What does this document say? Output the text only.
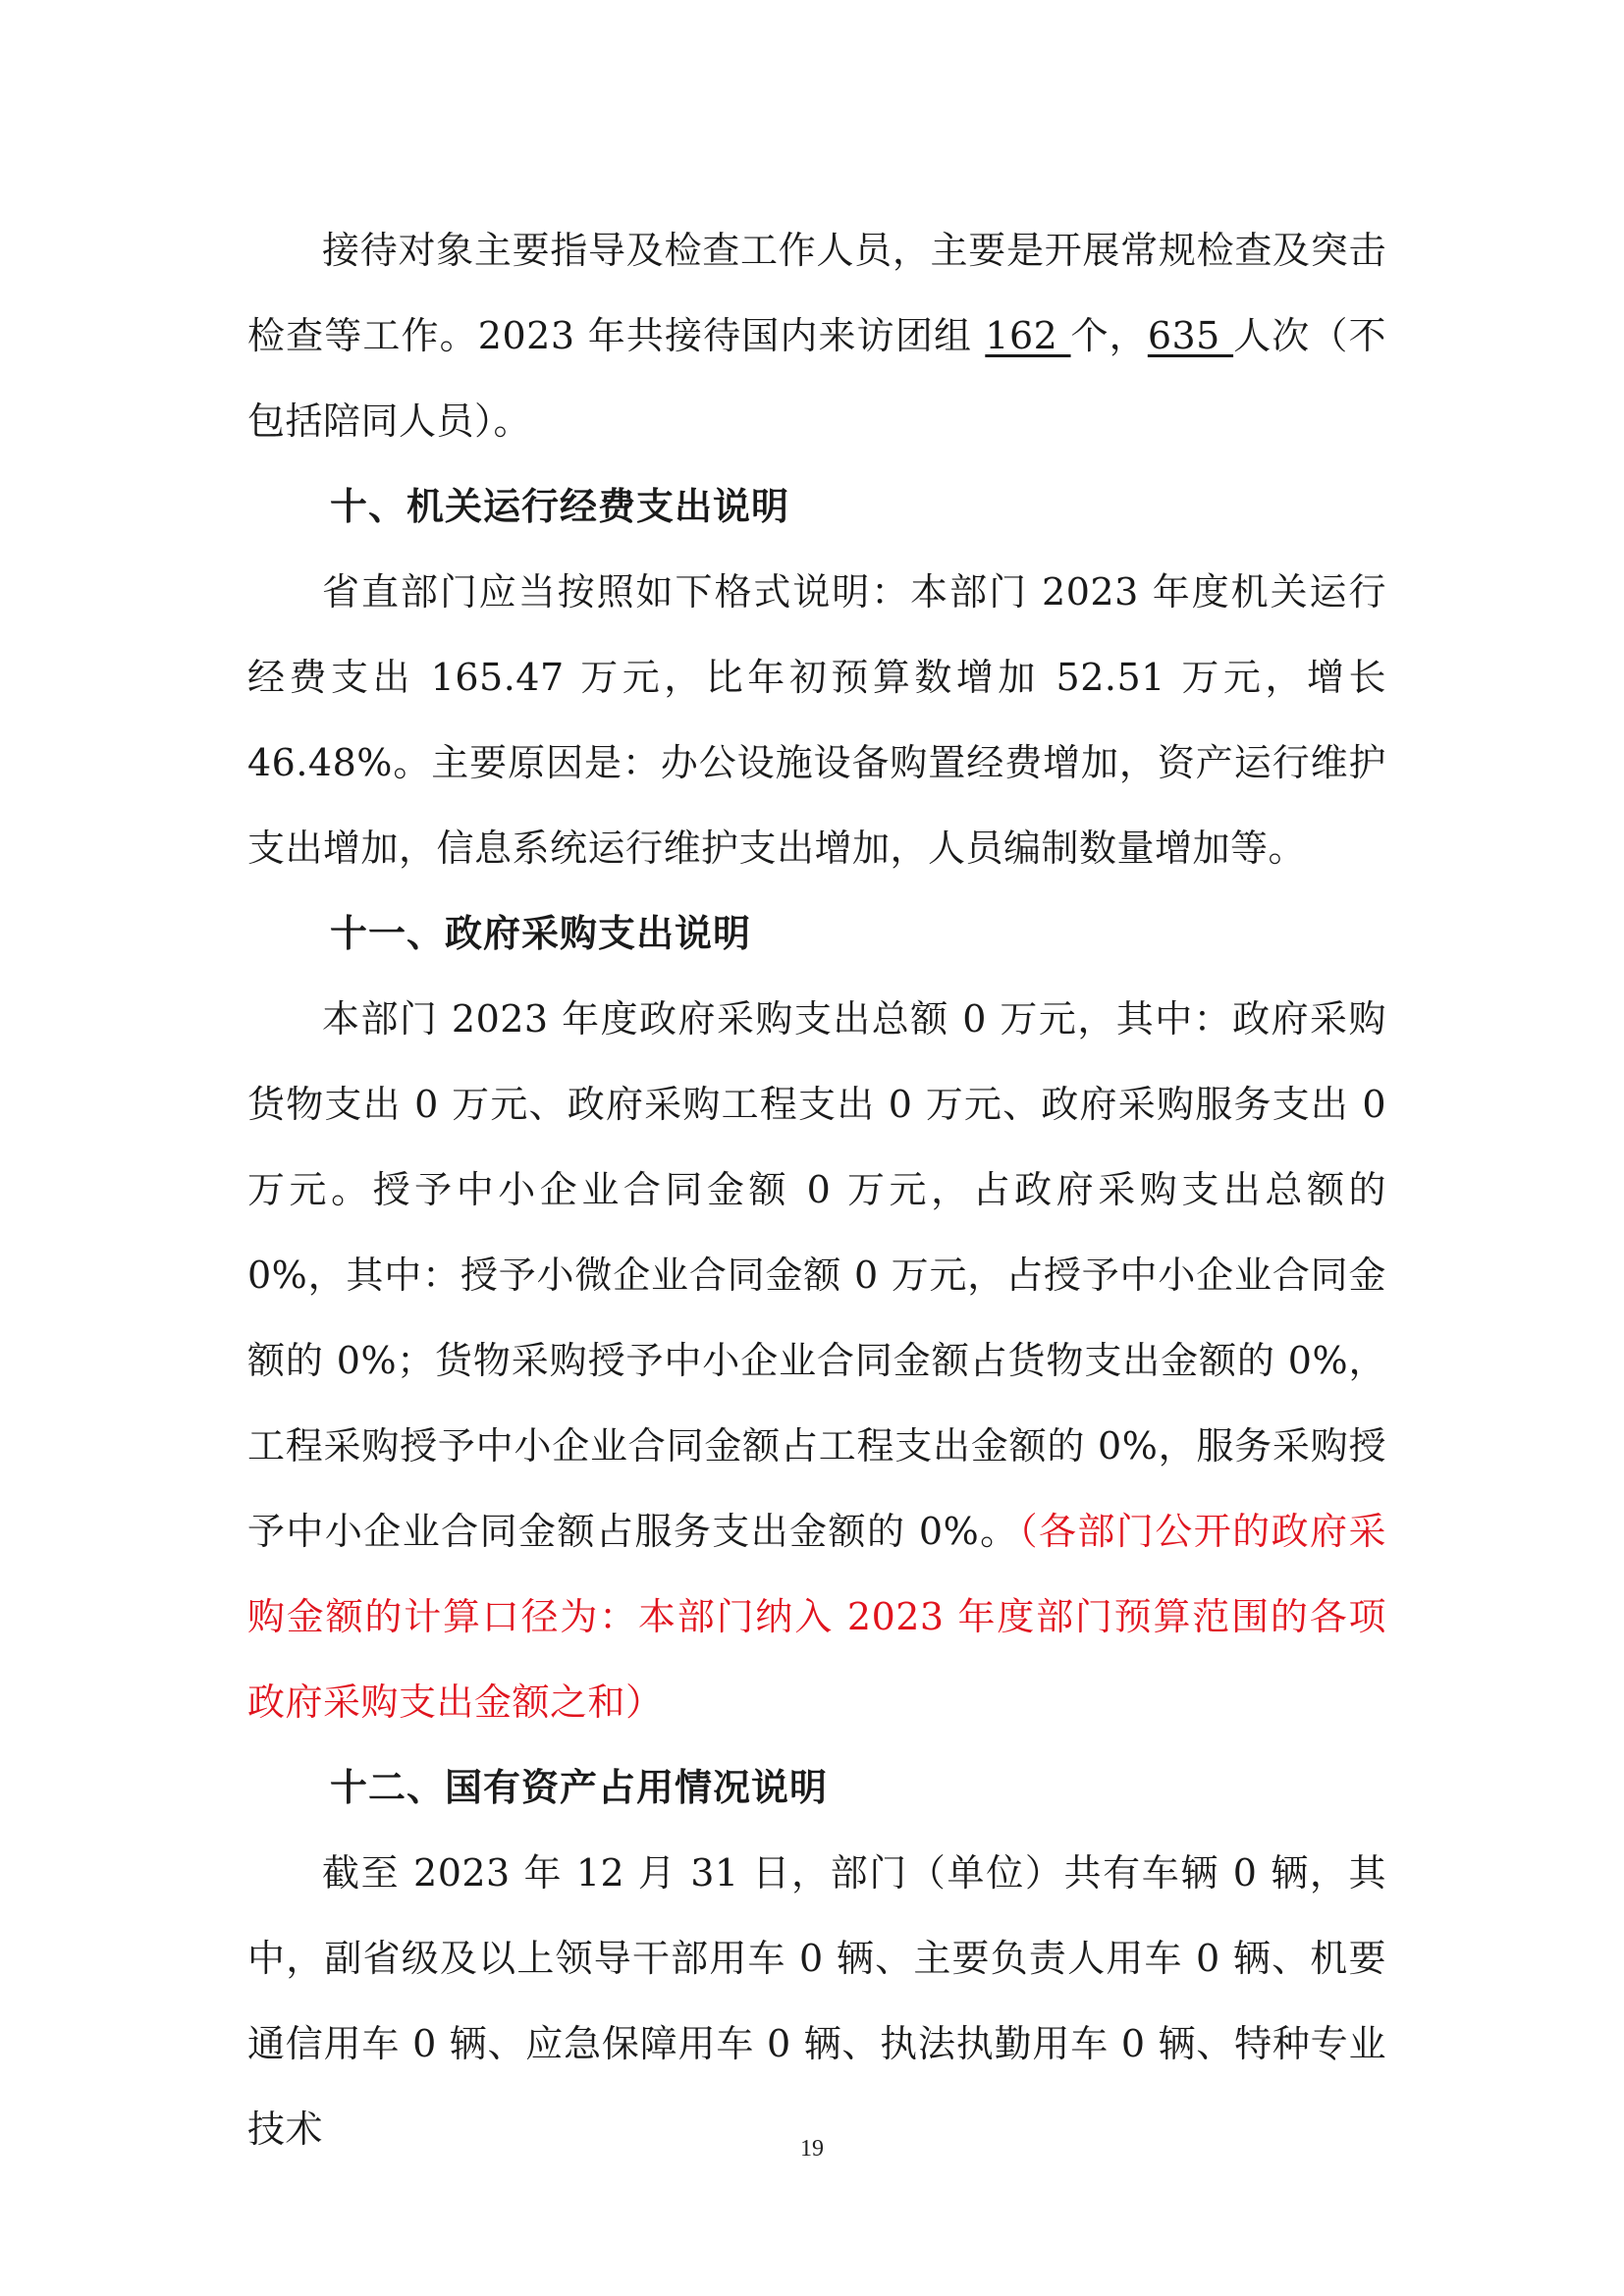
接待对象主要指导及检查工作人员，主要是开展常规检查及突击检查等工作。2023 年共接待国内来访团组 162 个，635 人次（不包括陪同人员）。

十、机关运行经费支出说明

省直部门应当按照如下格式说明：本部门 2023 年度机关运行经费支出 165.47 万元，比年初预算数增加 52.51 万元，增长 46.48%。主要原因是：办公设施设备购置经费增加，资产运行维护支出增加，信息系统运行维护支出增加，人员编制数量增加等。

十一、政府采购支出说明

本部门 2023 年度政府采购支出总额 0 万元，其中：政府采购货物支出 0 万元、政府采购工程支出 0 万元、政府采购服务支出 0 万元。授予中小企业合同金额 0 万元，占政府采购支出总额的 0%，其中：授予小微企业合同金额 0 万元，占授予中小企业合同金额的 0%；货物采购授予中小企业合同金额占货物支出金额的 0%，工程采购授予中小企业合同金额占工程支出金额的 0%，服务采购授予中小企业合同金额占服务支出金额的 0%。（各部门公开的政府采购金额的计算口径为：本部门纳入 2023 年度部门预算范围的各项政府采购支出金额之和）

十二、国有资产占用情况说明

截至 2023 年 12 月 31 日，部门（单位）共有车辆 0 辆，其中，副省级及以上领导干部用车 0 辆、主要负责人用车 0 辆、机要通信用车 0 辆、应急保障用车 0 辆、执法执勤用车 0 辆、特种专业技术	19
